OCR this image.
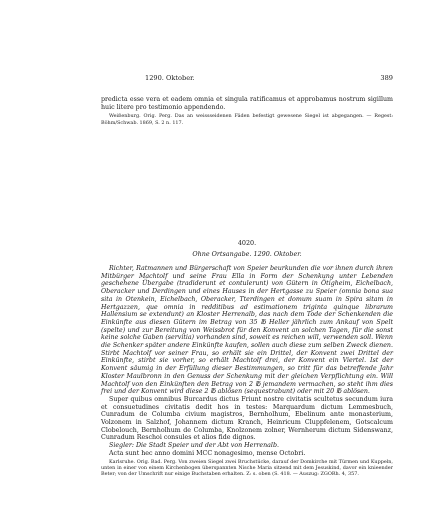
1290. Oktober.	389

predicta esse vera et eadem omnia et singula ratificamus et approbamus nostrum sigillum huic litere pro testimonio appendendo.

Weißenburg. Orig. Perg. Das an weissseidenen Fäden befestigt gewesene Siegel ist abgegangen. — Regest: Böhm/Schwab. 1869, S. 2 n. 117.

4020.
Ohne Ortsangabe. 1290. Oktober.

Richter, Ratmannen und Bürgerschaft von Speier beurkunden die vor ihnen durch ihren Mitbürger Machtolf und seine Frau Ella in Form der Schenkung unter Lebenden geschehene Übergabe (tradiderunt et contulerunt) von Gütern in Ötigheim, Eichelbach, Oberacker und Derdingen und eines Hauses in der Hertgasse zu Speier (omnia bona sua sita in Otenkein, Eichelbach, Oberacker, Tterdingen et domum suam in Spira sitam in Hertgazzen, que omnia in redditibus ad estimationem triginta quinque librarum Hallensium se extendunt) an Kloster Herrenalb, das nach dem Tode der Schenkenden die Einkünfte aus diesen Gütern im Betrag von 35 ℔ Heller jährlich zum Ankauf von Spelt (spelte) und zur Bereitung von Weissbrot für den Konvent an solchen Tagen, für die sonst keine solche Gaben (servitia) vorhanden sind, soweit es reichen will, verwenden soll. Wenn die Schenker später andere Einkünfte kaufen, sollen auch diese zum selben Zweck dienen. Stirbt Machtolf vor seiner Frau, so erhält sie ein Drittel, der Konvent zwei Drittel der Einkünfte, stirbt sie vorher, so erhält Machtolf drei, der Konvent ein Viertel. Ist der Konvent säumig in der Erfüllung dieser Bestimmungen, so tritt für das betreffende Jahr Kloster Maulbronn in den Genuss der Schenkung mit der gleichen Verpflichtung ein. Will Machtolf von den Einkünften den Betrag von 2 ℔ jemandem vermachen, so steht ihm dies frei und der Konvent wird diese 2 ℔ ablösen (sequestrabunt) oder mit 20 ℔ ablösen.

Super quibus omnibus Burcardus dictus Friunt nostre civitatis scultetus secundum iura et consuetudines civitatis dedit hos in testes: Marquardum dictum Lemmesbuch, Cunradum de Columba civium magistros, Bernholhum, Ebelinum ante monasterium, Volzonem in Salzhof, Johannem dictum Kranch, Heinricum Cluppfelenem, Gotscalcum Clobelouch, Bernholhum de Columba, Knolzonem zolner, Wernherum dictum Sidenswanz, Cunradum Reschoi consules et alios fide dignos.

Siegler: Die Stadt Speier und der Abt von Herrenalb.

Acta sunt hec anno domini MCC nonagesimo, mense Octobri.

Karlsruhe. Orig. Bad. Perg. Von zweien Siegel zwei Bruchstücke, darauf der Domkirche mit Türmen und Kuppeln, unten in einer von einem Kirchenbogen überspannten Nische Maria sitzend mit dem Jesuskind, davor ein knieender Beter; von der Umschrift nur einige Buchstaben erhalten. Z: s. oben (S. 418. — Auszug: ZGORh. 4, 357.
